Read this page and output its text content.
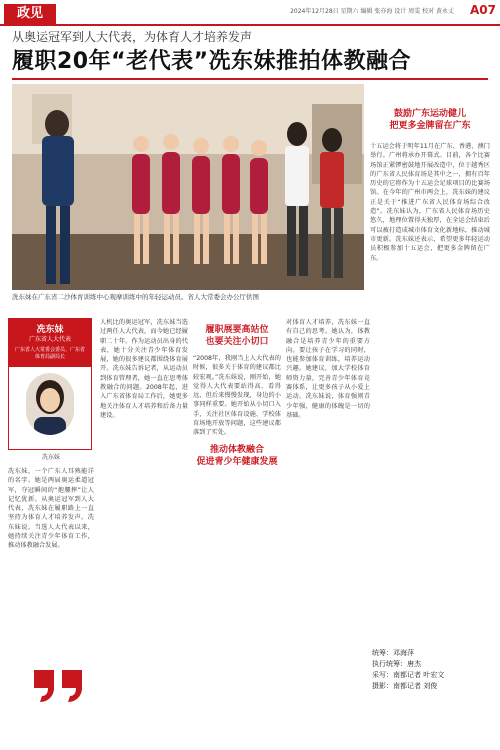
政见	2024年12月28日 星期六 编辑 张亦海 设计 周雯 校对 黄永丈 A07
从奥运冠军到人大代表，为体育人才培养发声
履职20年“老代表”冼东妹推拍体教融合
冼东妹在广东省二沙体育训练中心观摩训练中的年轻运动员。省人大常委会办公厅供图
鼓励广东运动健儿
把更多金牌留在广东
十五运会将于明年11月在广东、香港、澳门举行。广州将承办开幕式。目前，各个比赛场馆正紧锣密鼓地开展改造中，位于越秀区的广东省人民体育场是其中之一，拥有百年历史的它将作为十五运会足球项目的比赛场馆。在今年的广州市两会上，冼东妹的建议正是关于“推进广东省人民体育场综合改造”。冼东妹认为，广东省人民体育场历史悠久，地理位置得天独厚，在全运会结束后可以被打造成城市体育文化新地标，推动城市更新。冼东妹还表示，希望更多年轻运动员积极参加十五运会，把更多金牌留在广东。
统筹：邓海萍
执行统筹：唐杰
采写：南都记者 叶宏文
摄影：南都记者 刘俊
冼东妹
广东省人大代表
广东省人大常委会委员、广东省体育局副局长
冼东妹
冼东妹，一个广东人耳熟能详的名字。她是两届奥运柔道冠军，夺冠瞬间的“抱腰摔”让人记忆犹新。从奥运冠军到人大代表，冼东妹在履职路上一直坚持为体育人才培养发声。冼东妹说，当选人大代表以来，她持续关注青少年体育工作，推动体教融合发展。
人机比的奥运冠军，冼东妹当选过两任人大代表，而今她已经履职二十年。作为运动员出身的代表，她十分关注青少年体育发展，她的很多建议都围绕体育展开。冼东妹告诉记者，从运动员到体育管理者，她一直在思考体教融合的问题。2008年起，进入广东省体育局工作后，她更多地关注体育人才培养和后备力量建设。
履职展要高站位
也要关注小切口
“2008年，我刚当上人大代表的时候，很多关于体育的建议都比较宏观。”冼东妹说，刚开始，她觉得人大代表要站得高、看得远，但后来慢慢发现，身边的小事同样重要。她开始从小切口入手，关注社区体育设施、学校体育场地开放等问题，这些建议都落到了实处。
推动体教融合
促进青少年健康发展
对体育人才培养，冼东妹一直有自己的思考。她认为，体教融合是培养青少年的重要方向。要让孩子在学习的同时，也能参加体育训练，培养运动兴趣。她建议，加大学校体育师资力量，完善青少年体育竞赛体系，让更多孩子从小爱上运动。冼东妹说，体育强则青少年强，健康的体魄是一切的基础。
